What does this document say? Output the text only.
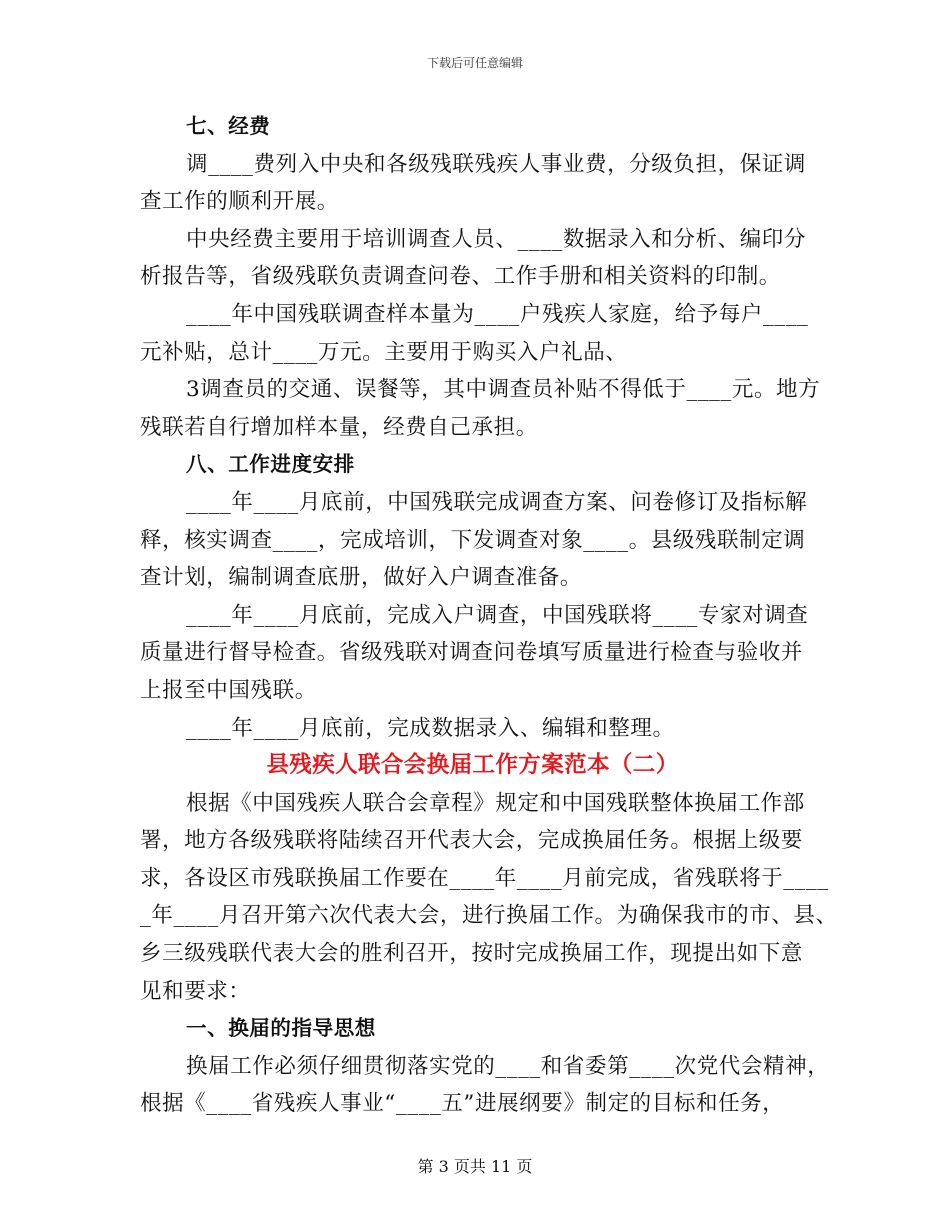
下载后可任意编辑
七、经费
调____费列入中央和各级残联残疾人事业费，分级负担，保证调
查工作的顺利开展。
中央经费主要用于培训调查人员、____数据录入和分析、编印分
析报告等，省级残联负责调查问卷、工作手册和相关资料的印制。
____年中国残联调查样本量为____户残疾人家庭，给予每户____
元补贴，总计____万元。主要用于购买入户礼品、
3调查员的交通、误餐等，其中调查员补贴不得低于____元。地方
残联若自行增加样本量，经费自己承担。
八、工作进度安排
____年____月底前，中国残联完成调查方案、问卷修订及指标解
释，核实调查____，完成培训，下发调查对象____。县级残联制定调
查计划，编制调查底册，做好入户调查准备。
____年____月底前，完成入户调查，中国残联将____专家对调查
质量进行督导检查。省级残联对调查问卷填写质量进行检查与验收并
上报至中国残联。
____年____月底前，完成数据录入、编辑和整理。
县残疾人联合会换届工作方案范本（二）
根据《中国残疾人联合会章程》规定和中国残联整体换届工作部
署，地方各级残联将陆续召开代表大会，完成换届任务。根据上级要
求，各设区市残联换届工作要在____年____月前完成，省残联将于____
_年____月召开第六次代表大会，进行换届工作。为确保我市的市、县、
乡三级残联代表大会的胜利召开，按时完成换届工作，现提出如下意
见和要求：
一、换届的指导思想
换届工作必须仔细贯彻落实党的____和省委第____次党代会精神，
根据《____省残疾人事业“____五”进展纲要》制定的目标和任务，
第 3 页共 11 页
